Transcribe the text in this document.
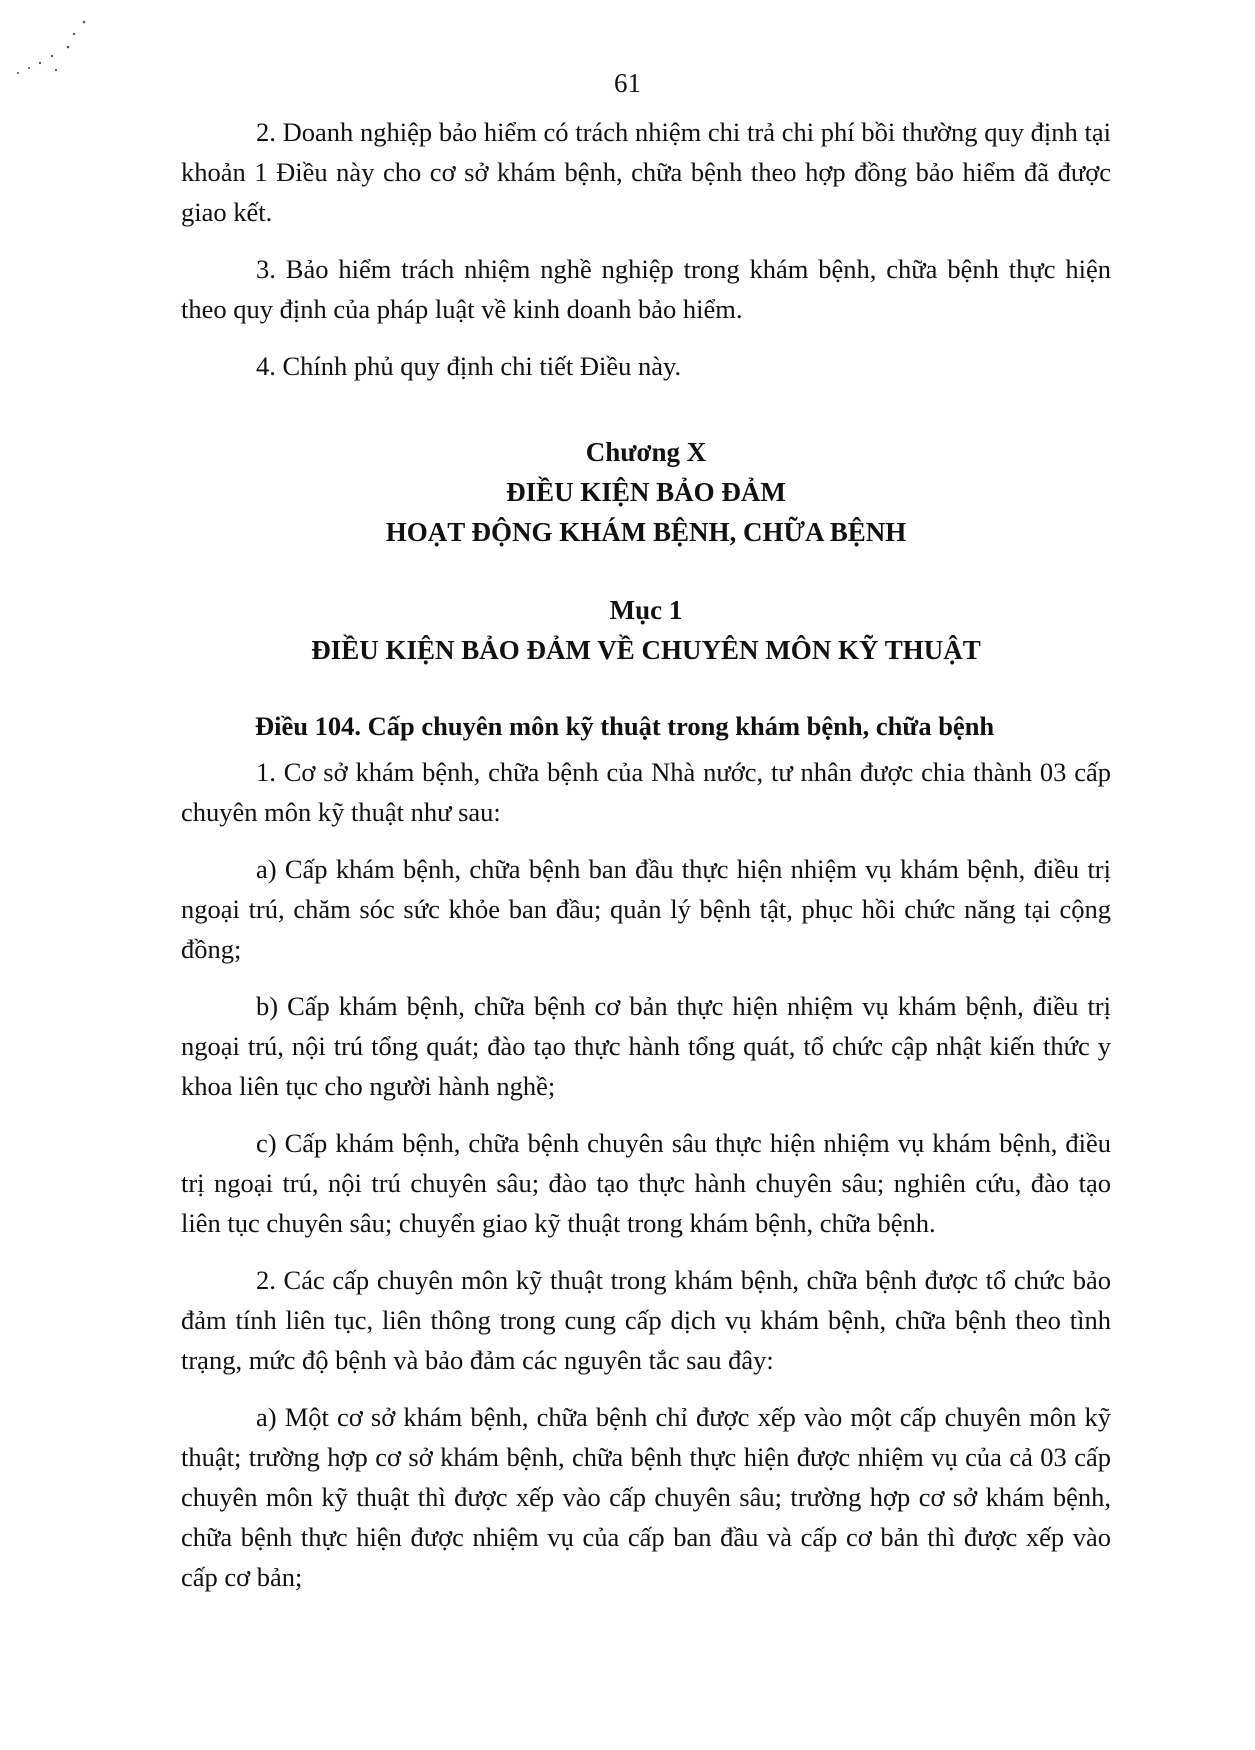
61

2. Doanh nghiệp bảo hiểm có trách nhiệm chi trả chi phí bồi thường quy định tại khoản 1 Điều này cho cơ sở khám bệnh, chữa bệnh theo hợp đồng bảo hiểm đã được giao kết.

3. Bảo hiểm trách nhiệm nghề nghiệp trong khám bệnh, chữa bệnh thực hiện theo quy định của pháp luật về kinh doanh bảo hiểm.

4. Chính phủ quy định chi tiết Điều này.

Chương X

ĐIỀU KIỆN BẢO ĐẢM

HOẠT ĐỘNG KHÁM BỆNH, CHỮA BỆNH

Mục 1

ĐIỀU KIỆN BẢO ĐẢM VỀ CHUYÊN MÔN KỸ THUẬT

Điều 104. Cấp chuyên môn kỹ thuật trong khám bệnh, chữa bệnh

1. Cơ sở khám bệnh, chữa bệnh của Nhà nước, tư nhân được chia thành 03 cấp chuyên môn kỹ thuật như sau:

a) Cấp khám bệnh, chữa bệnh ban đầu thực hiện nhiệm vụ khám bệnh, điều trị ngoại trú, chăm sóc sức khỏe ban đầu; quản lý bệnh tật, phục hồi chức năng tại cộng đồng;

b) Cấp khám bệnh, chữa bệnh cơ bản thực hiện nhiệm vụ khám bệnh, điều trị ngoại trú, nội trú tổng quát; đào tạo thực hành tổng quát, tổ chức cập nhật kiến thức y khoa liên tục cho người hành nghề;

c) Cấp khám bệnh, chữa bệnh chuyên sâu thực hiện nhiệm vụ khám bệnh, điều trị ngoại trú, nội trú chuyên sâu; đào tạo thực hành chuyên sâu; nghiên cứu, đào tạo liên tục chuyên sâu; chuyển giao kỹ thuật trong khám bệnh, chữa bệnh.

2. Các cấp chuyên môn kỹ thuật trong khám bệnh, chữa bệnh được tổ chức bảo đảm tính liên tục, liên thông trong cung cấp dịch vụ khám bệnh, chữa bệnh theo tình trạng, mức độ bệnh và bảo đảm các nguyên tắc sau đây:

a) Một cơ sở khám bệnh, chữa bệnh chỉ được xếp vào một cấp chuyên môn kỹ thuật; trường hợp cơ sở khám bệnh, chữa bệnh thực hiện được nhiệm vụ của cả 03 cấp chuyên môn kỹ thuật thì được xếp vào cấp chuyên sâu; trường hợp cơ sở khám bệnh, chữa bệnh thực hiện được nhiệm vụ của cấp ban đầu và cấp cơ bản thì được xếp vào cấp cơ bản;
